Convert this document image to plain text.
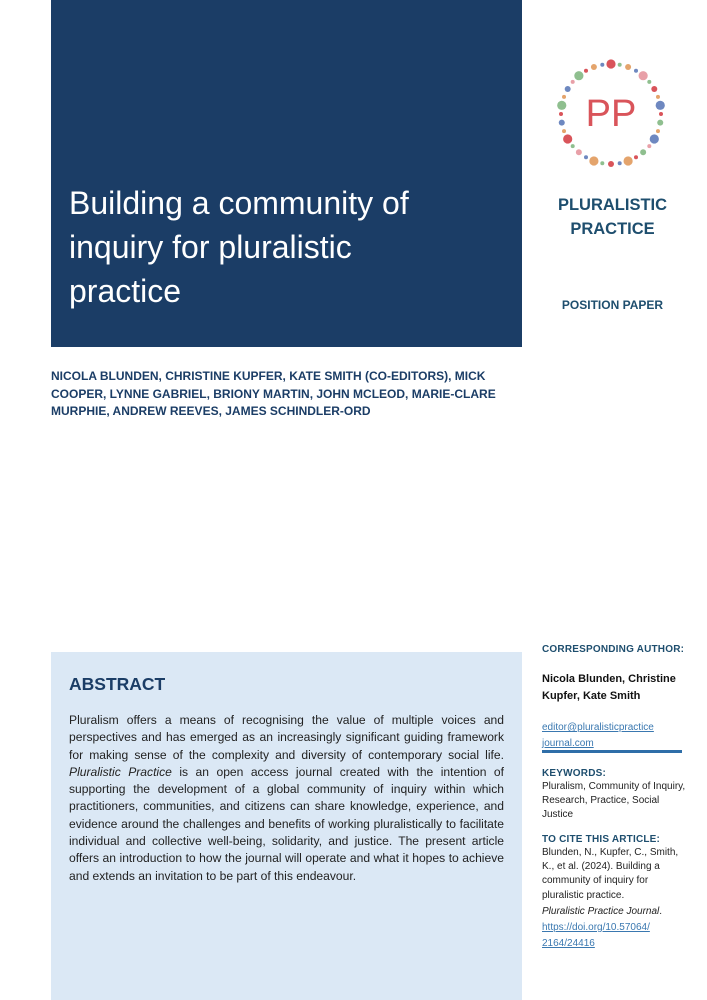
Building a community of
inquiry for pluralistic
practice
PP
PLURALISTIC
PRACTICE
POSITION PAPER

NICOLA BLUNDEN, CHRISTINE KUPFER, KATE SMITH (CO-EDITORS), MICK COOPER, LYNNE GABRIEL, BRIONY MARTIN, JOHN MCLEOD, MARIE-CLARE MURPHIE, ANDREW REEVES, JAMES SCHINDLER-ORD

ABSTRACT

Pluralism offers a means of recognising the value of multiple voices and perspectives and has emerged as an increasingly significant guiding framework for making sense of the complexity and diversity of contemporary social life. Pluralistic Practice is an open access journal created with the intention of supporting the development of a global community of inquiry within which practitioners, communities, and citizens can share knowledge, experience, and evidence around the challenges and benefits of working pluralistically to facilitate individual and collective well-being, solidarity, and justice. The present article offers an introduction to how the journal will operate and what it hopes to achieve and extends an invitation to be part of this endeavour.

CORRESPONDING AUTHOR:
Nicola Blunden, Christine Kupfer, Kate Smith
editor@pluralisticpractice
journal.com
KEYWORDS:
Pluralism, Community of Inquiry, Research, Practice, Social Justice
TO CITE THIS ARTICLE:
Blunden, N., Kupfer, C., Smith, K., et al. (2024). Building a community of inquiry for pluralistic practice.
Pluralistic Practice Journal.
https://doi.org/10.57064/
2164/24416
